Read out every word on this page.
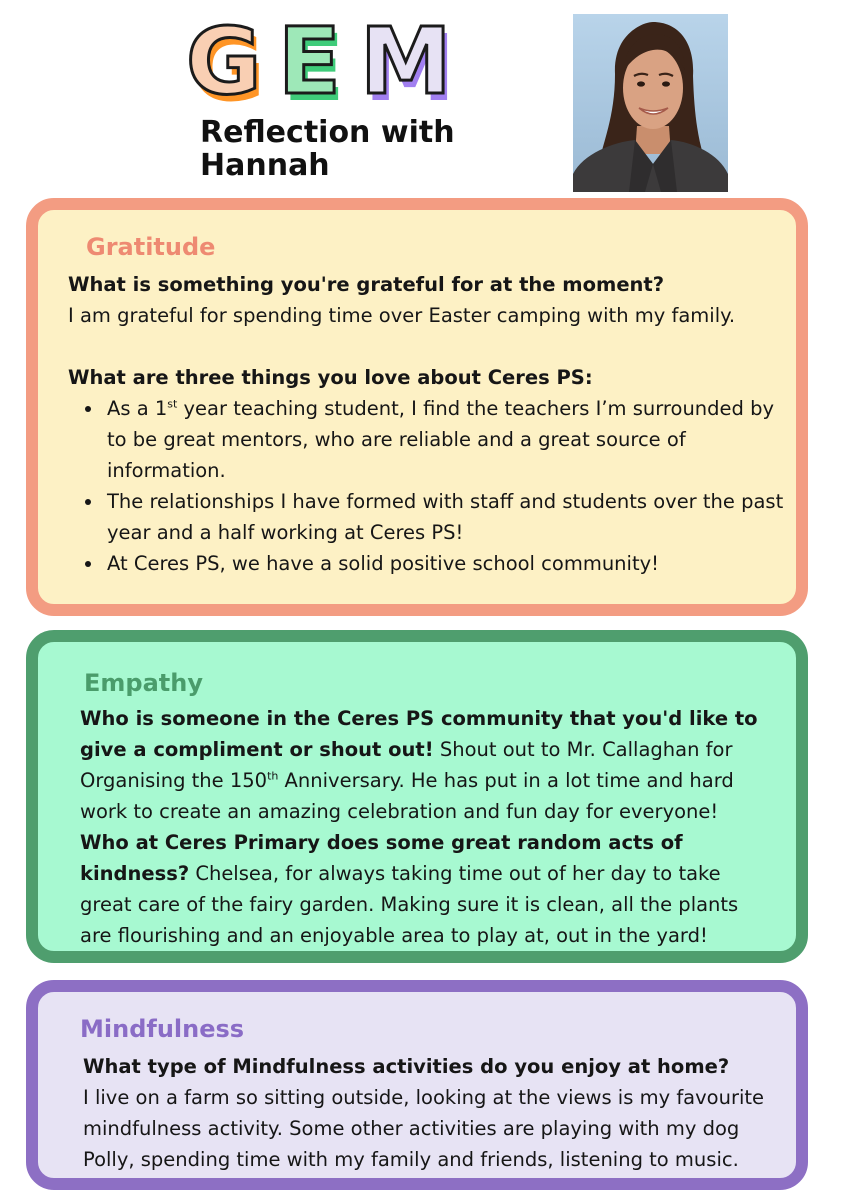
G E M
Reflection with Hannah
Gratitude
What is something you're grateful for at the moment?
I am grateful for spending time over Easter camping with my family.
What are three things you love about Ceres PS:
As a 1st year teaching student, I find the teachers I’m surrounded by to be great mentors, who are reliable and a great source of information.
The relationships I have formed with staff and students over the past year and a half working at Ceres PS!
At Ceres PS, we have a solid positive school community!
Empathy
Who is someone in the Ceres PS community that you'd like to give a compliment or shout out! Shout out to Mr. Callaghan for Organising the 150th Anniversary. He has put in a lot time and hard work to create an amazing celebration and fun day for everyone!
Who at Ceres Primary does some great random acts of kindness? Chelsea, for always taking time out of her day to take great care of the fairy garden. Making sure it is clean, all the plants are flourishing and an enjoyable area to play at, out in the yard!
Mindfulness
What type of Mindfulness activities do you enjoy at home?
I live on a farm so sitting outside, looking at the views is my favourite mindfulness activity. Some other activities are playing with my dog Polly, spending time with my family and friends, listening to music.
